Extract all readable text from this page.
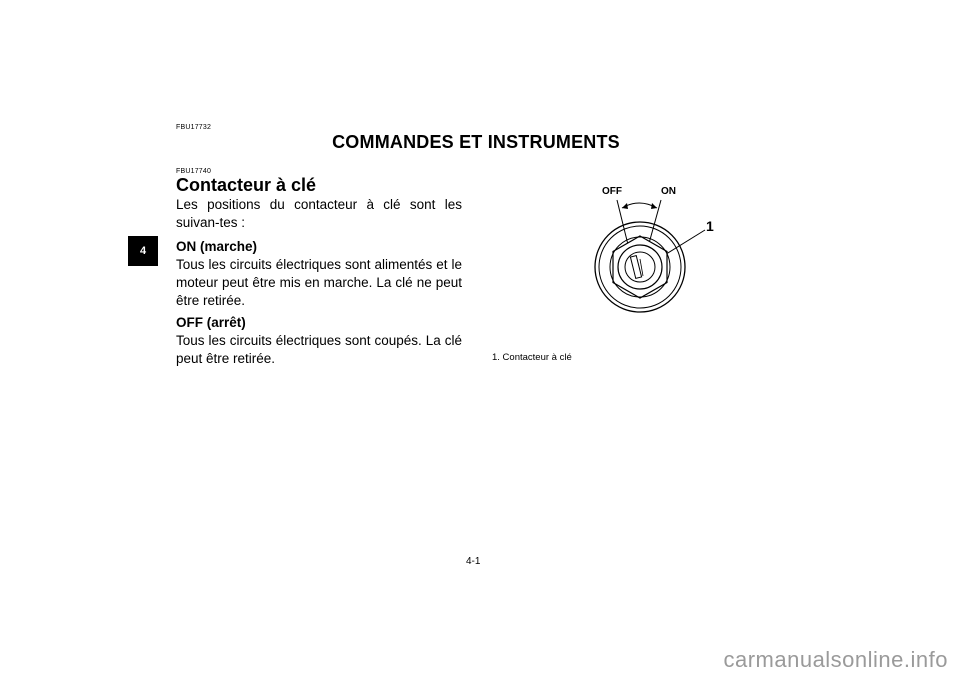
FBU17732
COMMANDES ET INSTRUMENTS
4
FBU17740
Contacteur à clé
Les positions du contacteur à clé sont les suivan-tes :
ON (marche)
Tous les circuits électriques sont alimentés et le moteur peut être mis en marche. La clé ne peut être retirée.
OFF (arrêt)
Tous les circuits électriques sont coupés. La clé peut être retirée.
OFF	ON
1
1. Contacteur à clé
4-1
carmanualsonline.info
